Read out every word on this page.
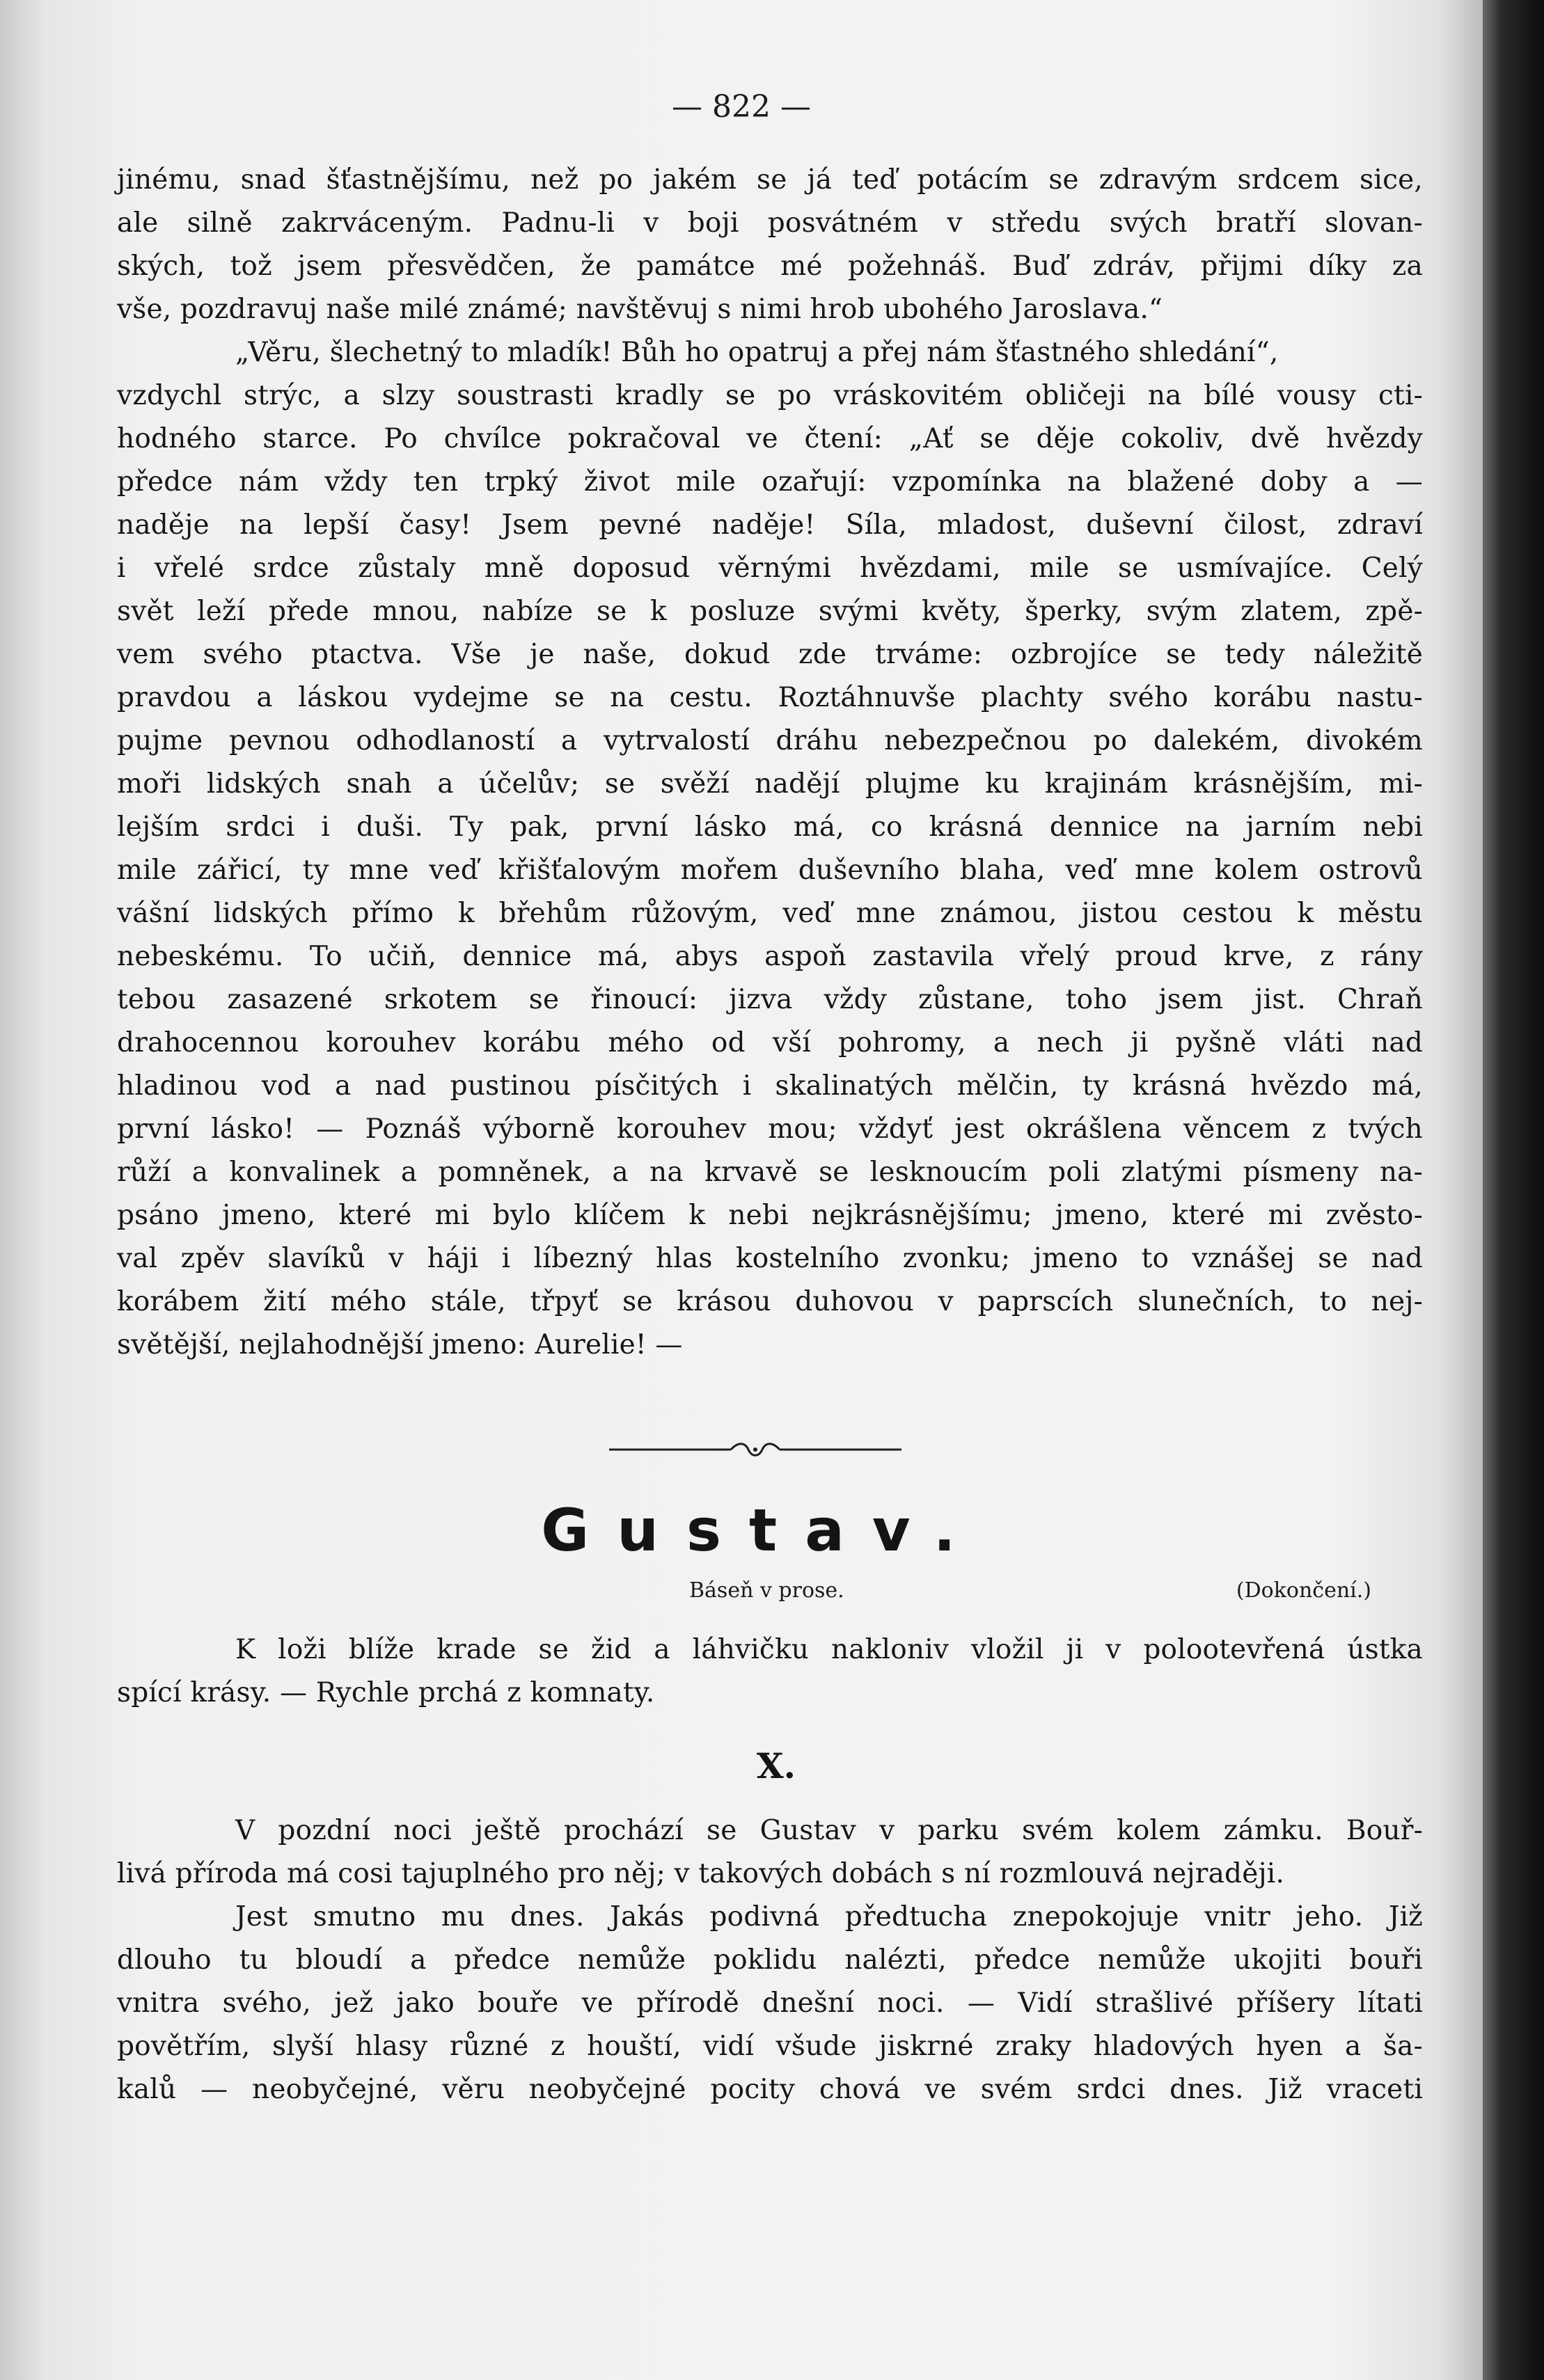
— 822 —
jinému, snad šťastnějšímu, než po jakém se já teď potácím se zdravým srdcem sice,
ale silně zakrváceným. Padnu-li v boji posvátném v středu svých bratří slovan-
ských, tož jsem přesvědčen, že památce mé požehnáš. Buď zdráv, přijmi díky za
vše, pozdravuj naše milé známé; navštěvuj s nimi hrob ubohého Jaroslava.“
„Věru, šlechetný to mladík! Bůh ho opatruj a přej nám šťastného shledání“,
vzdychl strýc, a slzy soustrasti kradly se po vráskovitém obličeji na bílé vousy cti-
hodného starce. Po chvílce pokračoval ve čtení: „Ať se děje cokoliv, dvě hvězdy
předce nám vždy ten trpký život mile ozařují: vzpomínka na blažené doby a —
naděje na lepší časy! Jsem pevné naděje! Síla, mladost, duševní čilost, zdraví
i vřelé srdce zůstaly mně doposud věrnými hvězdami, mile se usmívajíce. Celý
svět leží přede mnou, nabíze se k posluze svými květy, šperky, svým zlatem, zpě-
vem svého ptactva. Vše je naše, dokud zde trváme: ozbrojíce se tedy náležitě
pravdou a láskou vydejme se na cestu. Roztáhnuvše plachty svého korábu nastu-
pujme pevnou odhodlaností a vytrvalostí dráhu nebezpečnou po dalekém, divokém
moři lidských snah a účelův; se svěží nadějí plujme ku krajinám krásnějším, mi-
lejším srdci i duši. Ty pak, první lásko má, co krásná dennice na jarním nebi
mile zářicí, ty mne veď křišťalovým mořem duševního blaha, veď mne kolem ostrovů
vášní lidských přímo k břehům růžovým, veď mne známou, jistou cestou k městu
nebeskému. To učiň, dennice má, abys aspoň zastavila vřelý proud krve, z rány
tebou zasazené srkotem se řinoucí: jizva vždy zůstane, toho jsem jist. Chraň
drahocennou korouhev korábu mého od vší pohromy, a nech ji pyšně vláti nad
hladinou vod a nad pustinou písčitých i skalinatých mělčin, ty krásná hvězdo má,
první lásko! — Poznáš výborně korouhev mou; vždyť jest okrášlena věncem z tvých
růží a konvalinek a pomněnek, a na krvavě se lesknoucím poli zlatými písmeny na-
psáno jmeno, které mi bylo klíčem k nebi nejkrásnějšímu; jmeno, které mi zvěsto-
val zpěv slavíků v háji i líbezný hlas kostelního zvonku; jmeno to vznášej se nad
korábem žití mého stále, třpyť se krásou duhovou v paprscích slunečních, to nej-
světější, nejlahodnější jmeno: Aurelie! —
Gustav.
Báseň v prose.	(Dokončení.)
K loži blíže krade se žid a láhvičku nakloniv vložil ji v polootevřená ústka
spící krásy. — Rychle prchá z komnaty.
X.
V pozdní noci ještě prochází se Gustav v parku svém kolem zámku. Bouř-
livá příroda má cosi tajuplného pro něj; v takových dobách s ní rozmlouvá nejraději.
Jest smutno mu dnes. Jakás podivná předtucha znepokojuje vnitr jeho. Již
dlouho tu bloudí a předce nemůže poklidu nalézti, předce nemůže ukojiti bouři
vnitra svého, jež jako bouře ve přírodě dnešní noci. — Vidí strašlivé příšery lítati
povětřím, slyší hlasy různé z houští, vidí všude jiskrné zraky hladových hyen a ša-
kalů — neobyčejné, věru neobyčejné pocity chová ve svém srdci dnes. Již vraceti
